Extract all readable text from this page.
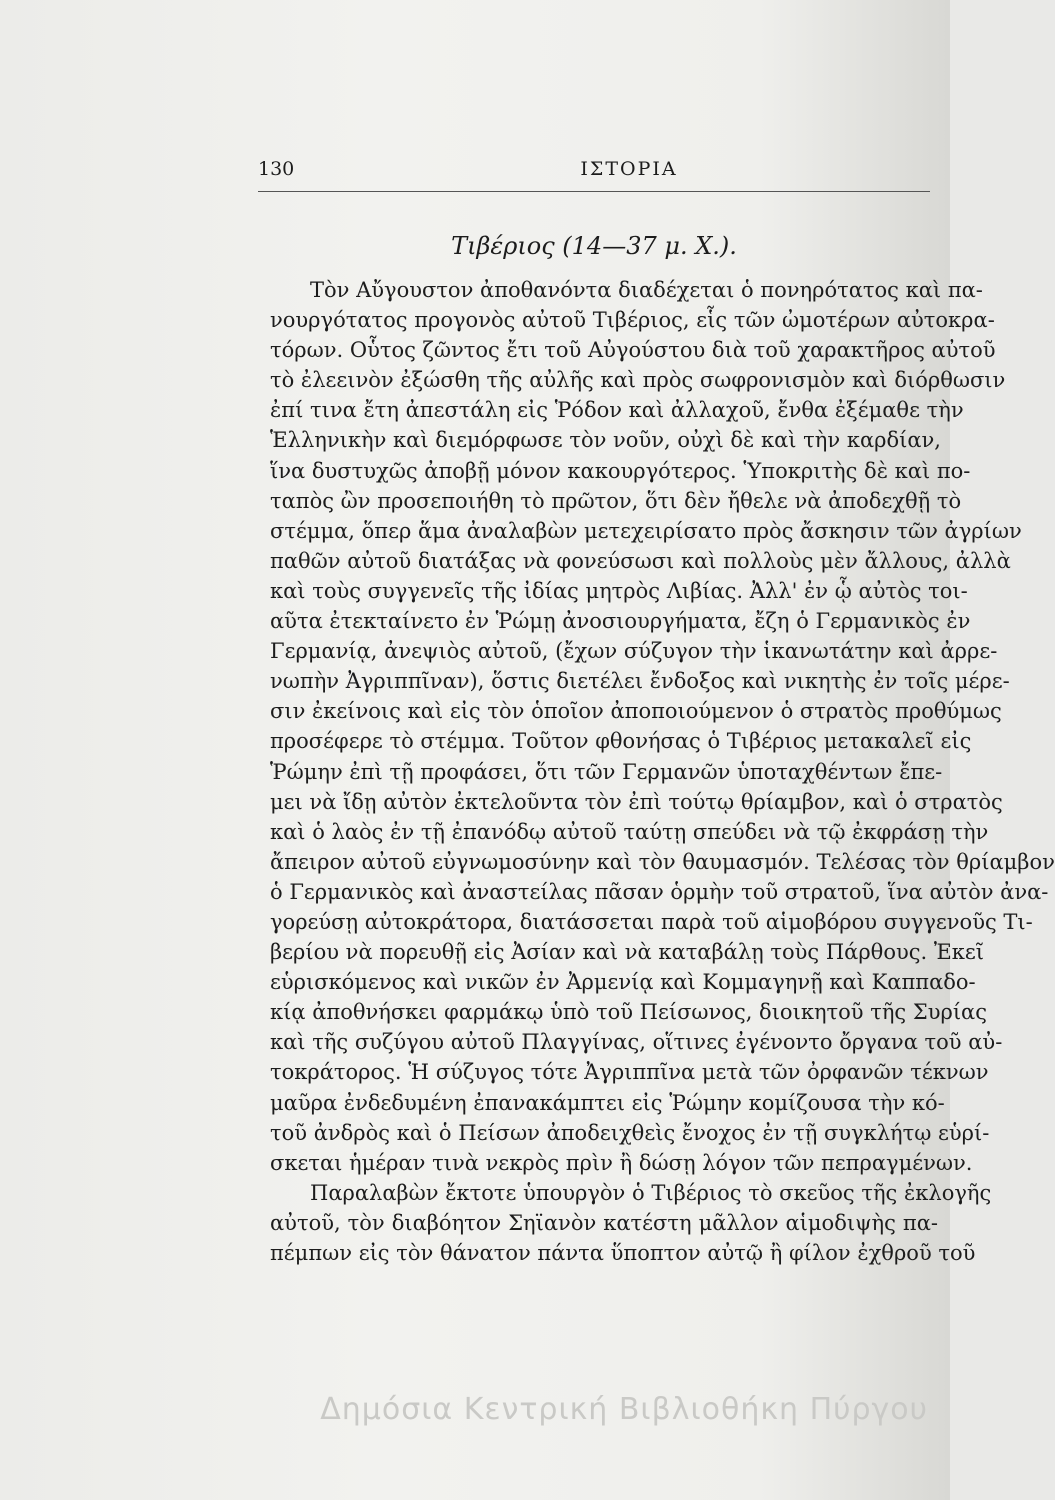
130	ΙΣΤΟΡΙΑ
Τιβέριος (14—37 μ. Χ.).
Τὸν Αὔγουστον ἀποθανόντα διαδέχεται ὁ πονηρότατος καὶ πα-
νουργότατος προγονὸς αὐτοῦ Τιβέριος, εἷς τῶν ὠμοτέρων αὐτοκρα-
τόρων. Οὗτος ζῶντος ἔτι τοῦ Αὐγούστου διὰ τοῦ χαρακτῆρος αὐτοῦ
τὸ ἐλεεινὸν ἐξώσθη τῆς αὐλῆς καὶ πρὸς σωφρονισμὸν καὶ διόρθωσιν
ἐπί τινα ἔτη ἀπεστάλη εἰς Ῥόδον καὶ ἀλλαχοῦ, ἔνθα ἐξέμαθε τὴν
Ἑλληνικὴν καὶ διεμόρφωσε τὸν νοῦν, οὐχὶ δὲ καὶ τὴν καρδίαν,
ἵνα δυστυχῶς ἀποβῇ μόνον κακουργότερος. Ὑποκριτὴς δὲ καὶ πο-
ταπὸς ὢν προσεποιήθη τὸ πρῶτον, ὅτι δὲν ἤθελε νὰ ἀποδεχθῇ τὸ
στέμμα, ὅπερ ἅμα ἀναλαβὼν μετεχειρίσατο πρὸς ἄσκησιν τῶν ἀγρίων
παθῶν αὐτοῦ διατάξας νὰ φονεύσωσι καὶ πολλοὺς μὲν ἄλλους, ἀλλὰ
καὶ τοὺς συγγενεῖς τῆς ἰδίας μητρὸς Λιβίας. Ἀλλ' ἐν ᾧ αὐτὸς τοι-
αῦτα ἐτεκταίνετο ἐν Ῥώμῃ ἀνοσιουργήματα, ἔζη ὁ Γερμανικὸς ἐν
Γερμανίᾳ, ἀνεψιὸς αὐτοῦ, (ἔχων σύζυγον τὴν ἱκανωτάτην καὶ ἀρρε-
νωπὴν Ἀγριππῖναν), ὅστις διετέλει ἔνδοξος καὶ νικητὴς ἐν τοῖς μέρε-
σιν ἐκείνοις καὶ εἰς τὸν ὁποῖον ἀποποιούμενον ὁ στρατὸς προθύμως
προσέφερε τὸ στέμμα. Τοῦτον φθονήσας ὁ Τιβέριος μετακαλεῖ εἰς
Ῥώμην ἐπὶ τῇ προφάσει, ὅτι τῶν Γερμανῶν ὑποταχθέντων ἔπε-
μει νὰ ἴδῃ αὐτὸν ἐκτελοῦντα τὸν ἐπὶ τούτῳ θρίαμβον, καὶ ὁ στρατὸς
καὶ ὁ λαὸς ἐν τῇ ἐπανόδῳ αὐτοῦ ταύτῃ σπεύδει νὰ τῷ ἐκφράσῃ τὴν
ἄπειρον αὐτοῦ εὐγνωμοσύνην καὶ τὸν θαυμασμόν. Τελέσας τὸν θρίαμβον
ὁ Γερμανικὸς καὶ ἀναστείλας πᾶσαν ὁρμὴν τοῦ στρατοῦ, ἵνα αὐτὸν ἀνα-
γορεύσῃ αὐτοκράτορα, διατάσσεται παρὰ τοῦ αἱμοβόρου συγγενοῦς Τι-
βερίου νὰ πορευθῇ εἰς Ἀσίαν καὶ νὰ καταβάλῃ τοὺς Πάρθους. Ἐκεῖ
εὑρισκόμενος καὶ νικῶν ἐν Ἀρμενίᾳ καὶ Κομμαγηνῇ καὶ Καππαδο-
κίᾳ ἀποθνήσκει φαρμάκῳ ὑπὸ τοῦ Πείσωνος, διοικητοῦ τῆς Συρίας
καὶ τῆς συζύγου αὐτοῦ Πλαγγίνας, οἵτινες ἐγένοντο ὄργανα τοῦ αὐ-
τοκράτορος. Ἡ σύζυγος τότε Ἀγριππῖνα μετὰ τῶν ὀρφανῶν τέκνων
μαῦρα ἐνδεδυμένη ἐπανακάμπτει εἰς Ῥώμην κομίζουσα τὴν κό-
τοῦ ἀνδρὸς καὶ ὁ Πείσων ἀποδειχθεὶς ἔνοχος ἐν τῇ συγκλήτῳ εὑρί-
σκεται ἡμέραν τινὰ νεκρὸς πρὶν ἢ δώσῃ λόγον τῶν πεπραγμένων.
Παραλαβὼν ἔκτοτε ὑπουργὸν ὁ Τιβέριος τὸ σκεῦος τῆς ἐκλογῆς
αὐτοῦ, τὸν διαβόητον Σηϊανὸν κατέστη μᾶλλον αἱμοδιψὴς πα-
πέμπων εἰς τὸν θάνατον πάντα ὕποπτον αὐτῷ ἢ φίλον ἐχθροῦ τοῦ
Δημόσια Κεντρική Βιβλιοθήκη Πύργου
